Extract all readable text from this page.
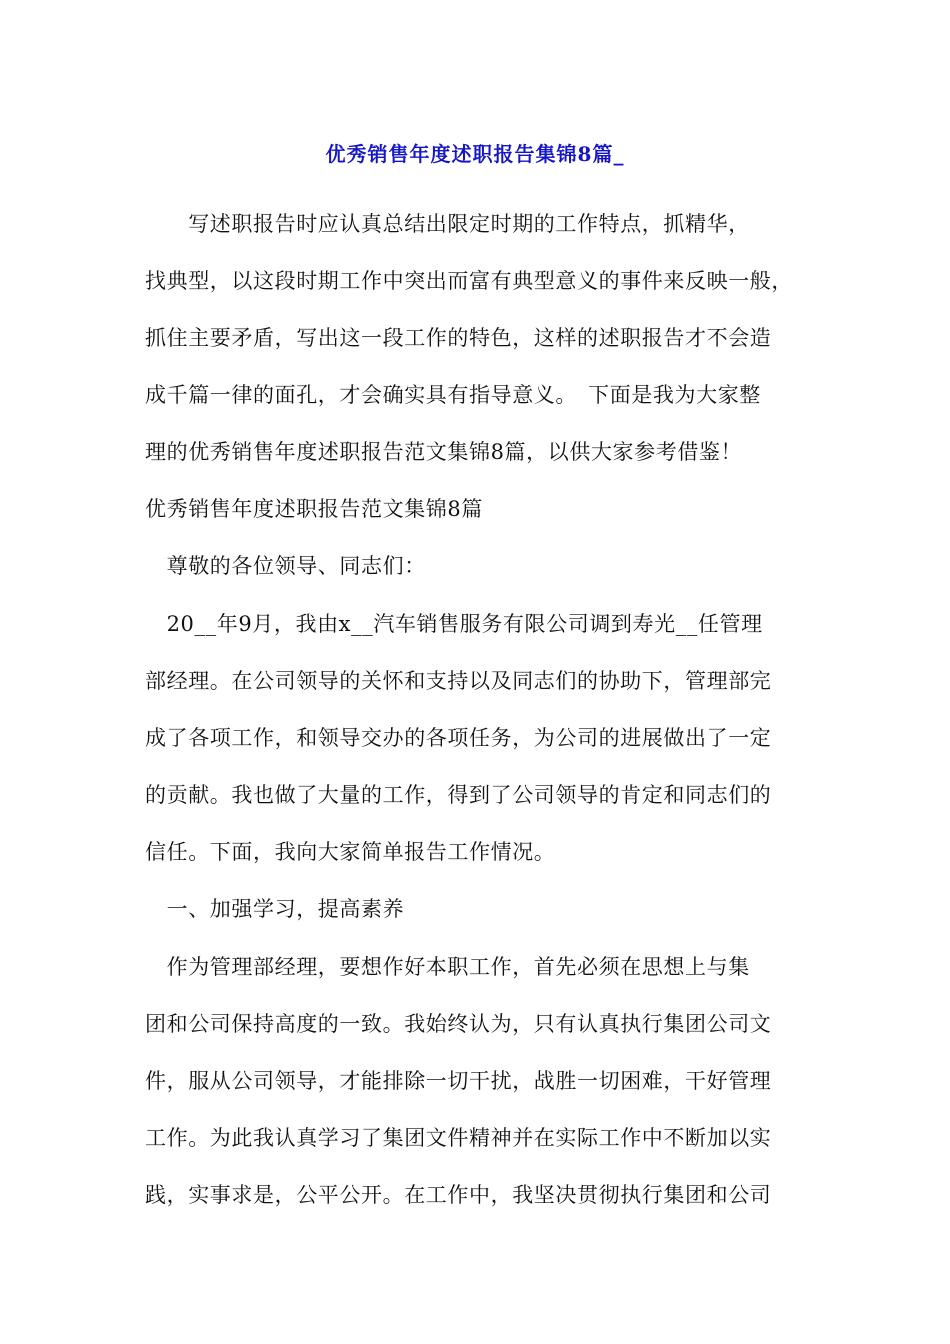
优秀销售年度述职报告集锦8篇_
　　写述职报告时应认真总结出限定时期的工作特点，抓精华，
找典型，以这段时期工作中突出而富有典型意义的事件来反映一般，
抓住主要矛盾，写出这一段工作的特色，这样的述职报告才不会造
成千篇一律的面孔，才会确实具有指导意义。　下面是我为大家整
理的优秀销售年度述职报告范文集锦8篇，以供大家参考借鉴！
优秀销售年度述职报告范文集锦8篇
　尊敬的各位领导、同志们：
　20__年9月，我由x__汽车销售服务有限公司调到寿光__任管理
部经理。在公司领导的关怀和支持以及同志们的协助下，管理部完
成了各项工作，和领导交办的各项任务，为公司的进展做出了一定
的贡献。我也做了大量的工作，得到了公司领导的肯定和同志们的
信任。下面，我向大家简单报告工作情况。
　一、加强学习，提高素养
　作为管理部经理，要想作好本职工作，首先必须在思想上与集
团和公司保持高度的一致。我始终认为，只有认真执行集团公司文
件，服从公司领导，才能排除一切干扰，战胜一切困难，干好管理
工作。为此我认真学习了集团文件精神并在实际工作中不断加以实
践，实事求是，公平公开。在工作中，我坚决贯彻执行集团和公司
